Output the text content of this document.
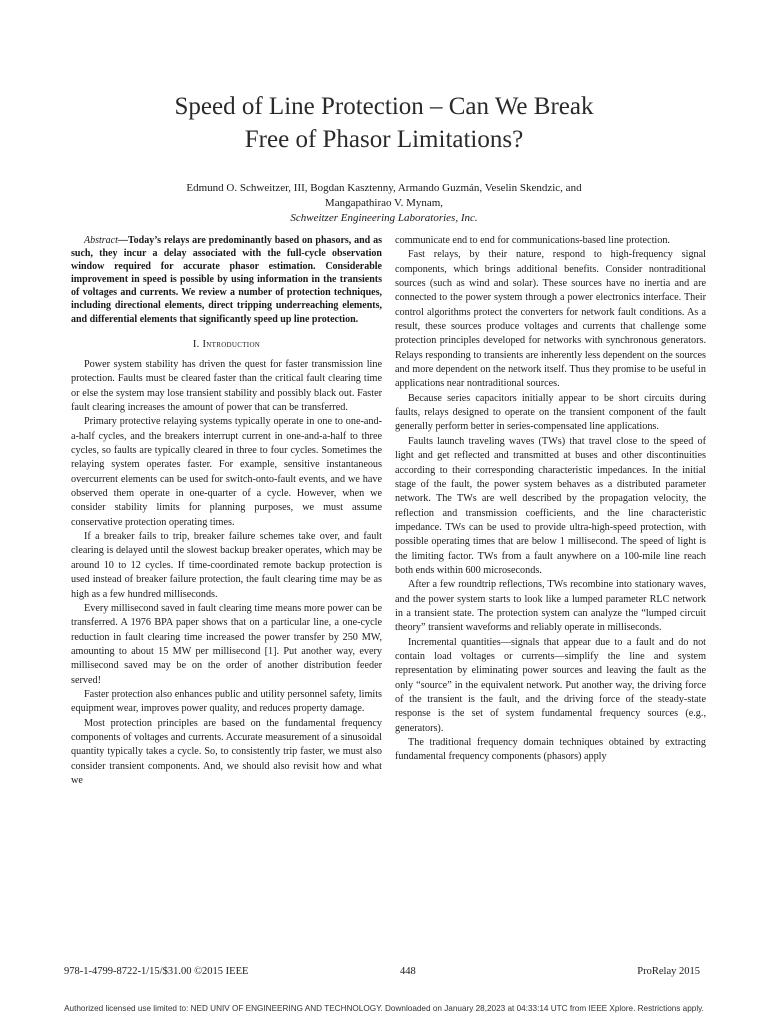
Speed of Line Protection – Can We Break
Free of Phasor Limitations?
Edmund O. Schweitzer, III, Bogdan Kasztenny, Armando Guzmán, Veselin Skendzic, and
Mangapathirao V. Mynam,
Schweitzer Engineering Laboratories, Inc.

Abstract—Today’s relays are predominantly based on phasors, and as such, they incur a delay associated with the full-cycle observation window required for accurate phasor estimation. Considerable improvement in speed is possible by using information in the transients of voltages and currents. We review a number of protection techniques, including directional elements, direct tripping underreaching elements, and differential elements that significantly speed up line protection.

I. Introduction

Power system stability has driven the quest for faster transmission line protection. Faults must be cleared faster than the critical fault clearing time or else the system may lose transient stability and possibly black out. Faster fault clearing increases the amount of power that can be transferred.

Primary protective relaying systems typically operate in one to one-and-a-half cycles, and the breakers interrupt current in one-and-a-half to three cycles, so faults are typically cleared in three to four cycles. Sometimes the relaying system operates faster. For example, sensitive instantaneous overcurrent elements can be used for switch-onto-fault events, and we have observed them operate in one-quarter of a cycle. However, when we consider stability limits for planning purposes, we must assume conservative protection operating times.

If a breaker fails to trip, breaker failure schemes take over, and fault clearing is delayed until the slowest backup breaker operates, which may be around 10 to 12 cycles. If time-coordinated remote backup protection is used instead of breaker failure protection, the fault clearing time may be as high as a few hundred milliseconds.

Every millisecond saved in fault clearing time means more power can be transferred. A 1976 BPA paper shows that on a particular line, a one-cycle reduction in fault clearing time increased the power transfer by 250 MW, amounting to about 15 MW per millisecond [1]. Put another way, every millisecond saved may be on the order of another distribution feeder served!

Faster protection also enhances public and utility personnel safety, limits equipment wear, improves power quality, and reduces property damage.

Most protection principles are based on the fundamental frequency components of voltages and currents. Accurate measurement of a sinusoidal quantity typically takes a cycle. So, to consistently trip faster, we must also consider transient components. And, we should also revisit how and what we

communicate end to end for communications-based line protection.

Fast relays, by their nature, respond to high-frequency signal components, which brings additional benefits. Consider nontraditional sources (such as wind and solar). These sources have no inertia and are connected to the power system through a power electronics interface. Their control algorithms protect the converters for network fault conditions. As a result, these sources produce voltages and currents that challenge some protection principles developed for networks with synchronous generators. Relays responding to transients are inherently less dependent on the sources and more dependent on the network itself. Thus they promise to be useful in applications near nontraditional sources.

Because series capacitors initially appear to be short circuits during faults, relays designed to operate on the transient component of the fault generally perform better in series-compensated line applications.

Faults launch traveling waves (TWs) that travel close to the speed of light and get reflected and transmitted at buses and other discontinuities according to their corresponding characteristic impedances. In the initial stage of the fault, the power system behaves as a distributed parameter network. The TWs are well described by the propagation velocity, the reflection and transmission coefficients, and the line characteristic impedance. TWs can be used to provide ultra-high-speed protection, with possible operating times that are below 1 millisecond. The speed of light is the limiting factor. TWs from a fault anywhere on a 100-mile line reach both ends within 600 microseconds.

After a few roundtrip reflections, TWs recombine into stationary waves, and the power system starts to look like a lumped parameter RLC network in a transient state. The protection system can analyze the “lumped circuit theory” transient waveforms and reliably operate in milliseconds.

Incremental quantities—signals that appear due to a fault and do not contain load voltages or currents—simplify the line and system representation by eliminating power sources and leaving the fault as the only “source” in the equivalent network. Put another way, the driving force of the transient is the fault, and the driving force of the steady-state response is the set of system fundamental frequency sources (e.g., generators).

The traditional frequency domain techniques obtained by extracting fundamental frequency components (phasors) apply

978-1-4799-8722-1/15/$31.00 ©2015 IEEE	448	ProRelay 2015
Authorized licensed use limited to: NED UNIV OF ENGINEERING AND TECHNOLOGY. Downloaded on January 28,2023 at 04:33:14 UTC from IEEE Xplore. Restrictions apply.
